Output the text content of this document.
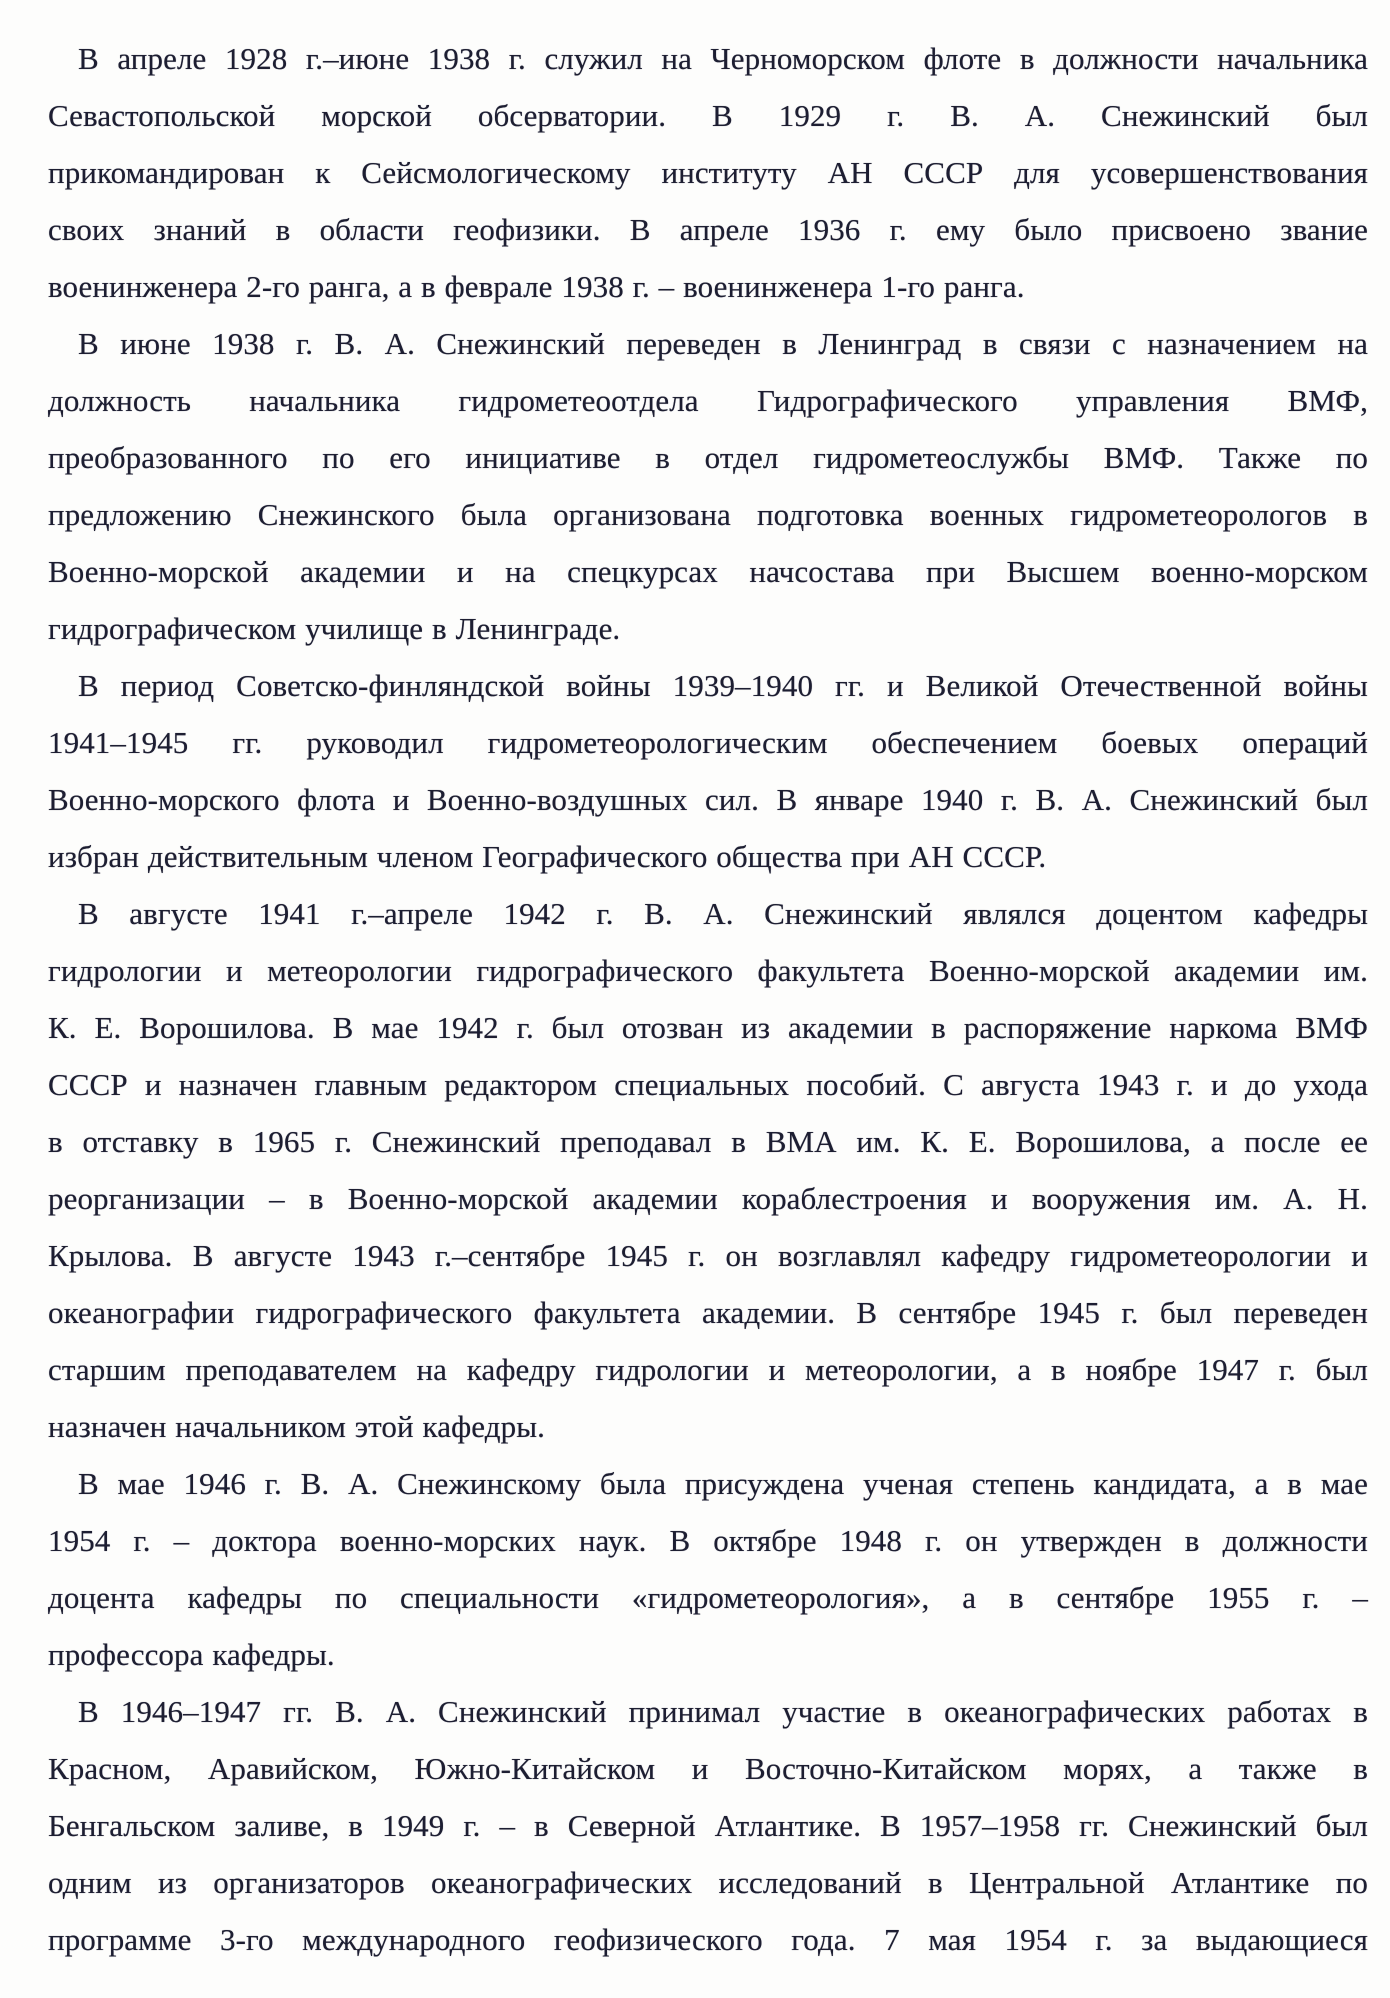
В апреле 1928 г.–июне 1938 г. служил на Черноморском флоте в должности начальника
Севастопольской морской обсерватории. В 1929 г. В. А. Снежинский был
прикомандирован к Сейсмологическому институту АН СССР для усовершенствования
своих знаний в области геофизики. В апреле 1936 г. ему было присвоено звание
военинженера 2-го ранга, а в феврале 1938 г. – военинженера 1-го ранга.
В июне 1938 г. В. А. Снежинский переведен в Ленинград в связи с назначением на
должность начальника гидрометеоотдела Гидрографического управления ВМФ,
преобразованного по его инициативе в отдел гидрометеослужбы ВМФ. Также по
предложению Снежинского была организована подготовка военных гидрометеорологов в
Военно-морской академии и на спецкурсах начсостава при Высшем военно-морском
гидрографическом училище в Ленинграде.
В период Советско-финляндской войны 1939–1940 гг. и Великой Отечественной войны
1941–1945 гг. руководил гидрометеорологическим обеспечением боевых операций
Военно-морского флота и Военно-воздушных сил. В январе 1940 г. В. А. Снежинский был
избран действительным членом Географического общества при АН СССР.
В августе 1941 г.–апреле 1942 г. В. А. Снежинский являлся доцентом кафедры
гидрологии и метеорологии гидрографического факультета Военно-морской академии им.
К. Е. Ворошилова. В мае 1942 г. был отозван из академии в распоряжение наркома ВМФ
СССР и назначен главным редактором специальных пособий. С августа 1943 г. и до ухода
в отставку в 1965 г. Снежинский преподавал в ВМА им. К. Е. Ворошилова, а после ее
реорганизации – в Военно-морской академии кораблестроения и вооружения им. А. Н.
Крылова. В августе 1943 г.–сентябре 1945 г. он возглавлял кафедру гидрометеорологии и
океанографии гидрографического факультета академии. В сентябре 1945 г. был переведен
старшим преподавателем на кафедру гидрологии и метеорологии, а в ноябре 1947 г. был
назначен начальником этой кафедры.
В мае 1946 г. В. А. Снежинскому была присуждена ученая степень кандидата, а в мае
1954 г. – доктора военно-морских наук. В октябре 1948 г. он утвержден в должности
доцента кафедры по специальности «гидрометеорология», а в сентябре 1955 г. –
профессора кафедры.
В 1946–1947 гг. В. А. Снежинский принимал участие в океанографических работах в
Красном, Аравийском, Южно-Китайском и Восточно-Китайском морях, а также в
Бенгальском заливе, в 1949 г. – в Северной Атлантике. В 1957–1958 гг. Снежинский был
одним из организаторов океанографических исследований в Центральной Атлантике по
программе 3-го международного геофизического года. 7 мая 1954 г. за выдающиеся
